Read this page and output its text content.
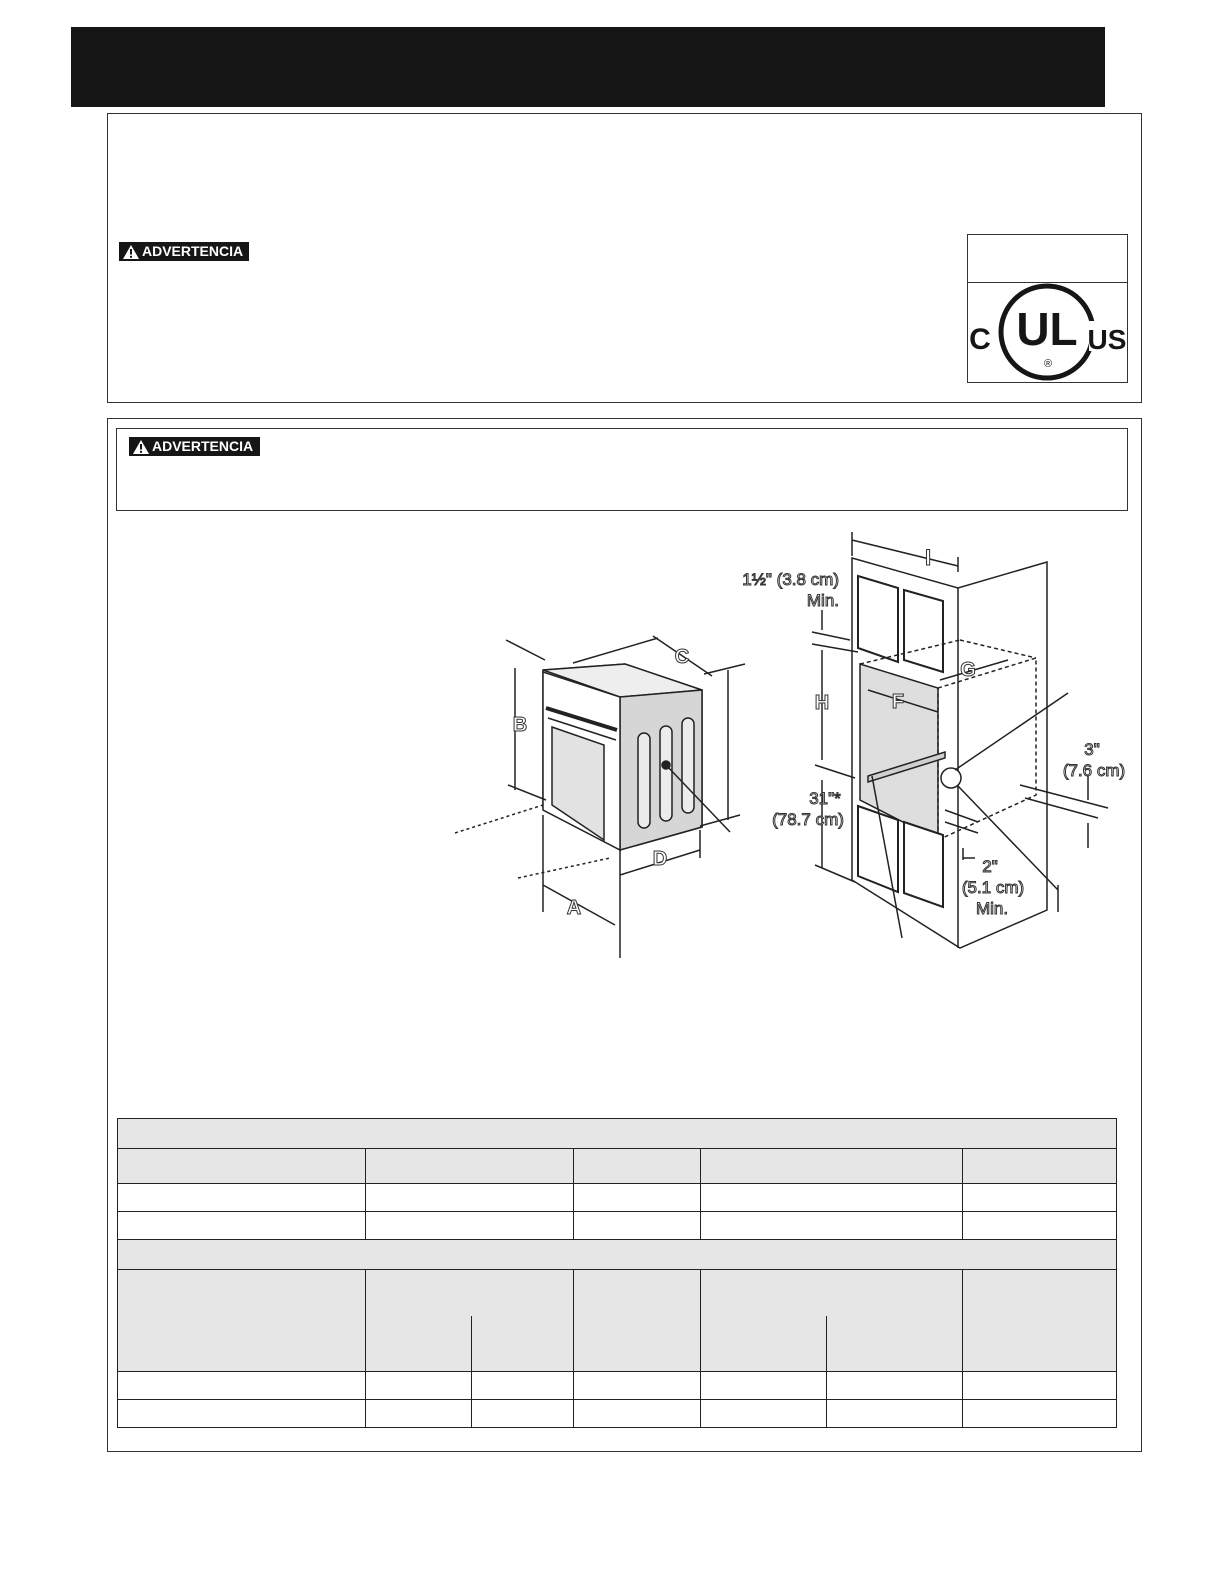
ADVERTENCIA
UL
®
C	US
ADVERTENCIA
A
B
C
D
I
G
F
H
1½" (3.8 cm)
Min.
3"
(7.6 cm)
31"*
(78.7 cm)
2"
(5.1 cm)
Min.
